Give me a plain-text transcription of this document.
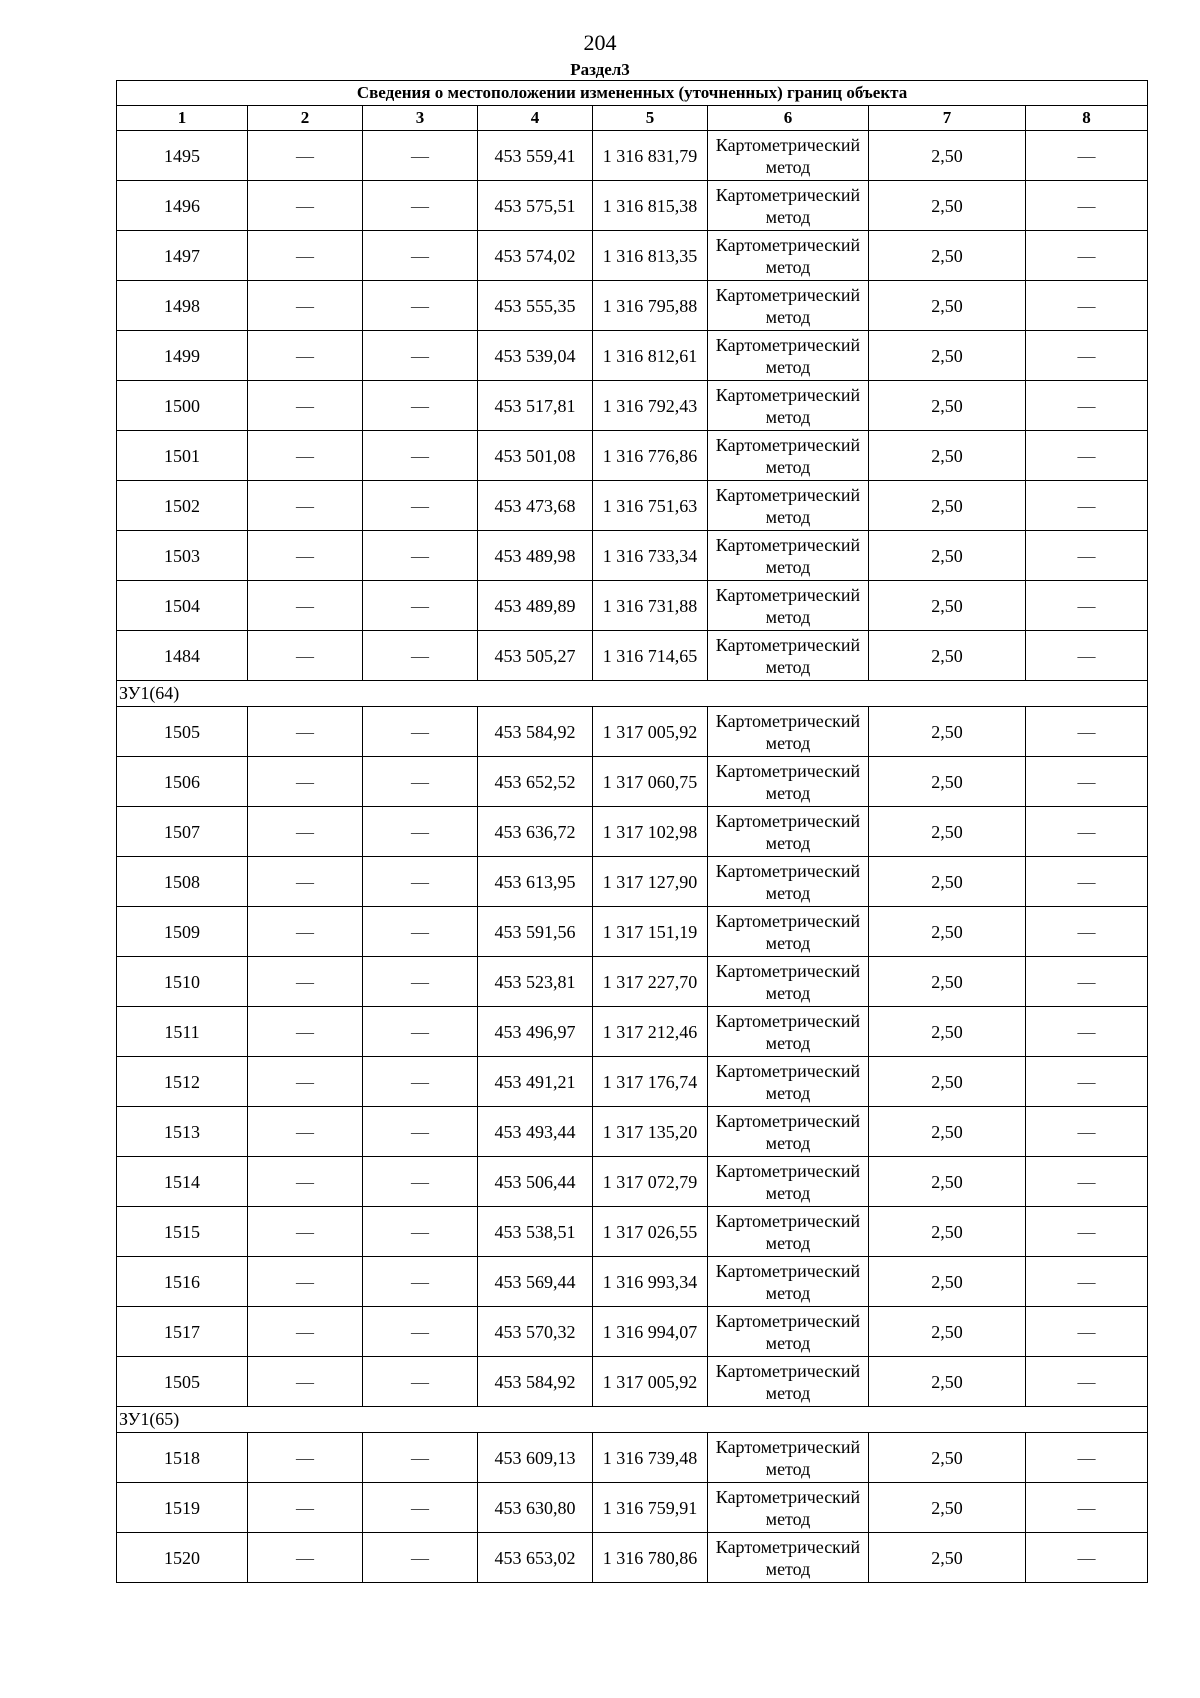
204
Раздел3
Сведения о местоположении измененных (уточненных) границ объекта							
1	2	3	4	5	6	7	8
1495	—	—	453 559,41	1 316 831,79	Картометрический метод	2,50	—
1496	—	—	453 575,51	1 316 815,38	Картометрический метод	2,50	—
1497	—	—	453 574,02	1 316 813,35	Картометрический метод	2,50	—
1498	—	—	453 555,35	1 316 795,88	Картометрический метод	2,50	—
1499	—	—	453 539,04	1 316 812,61	Картометрический метод	2,50	—
1500	—	—	453 517,81	1 316 792,43	Картометрический метод	2,50	—
1501	—	—	453 501,08	1 316 776,86	Картометрический метод	2,50	—
1502	—	—	453 473,68	1 316 751,63	Картометрический метод	2,50	—
1503	—	—	453 489,98	1 316 733,34	Картометрический метод	2,50	—
1504	—	—	453 489,89	1 316 731,88	Картометрический метод	2,50	—
1484	—	—	453 505,27	1 316 714,65	Картометрический метод	2,50	—
ЗУ1(64)							
1505	—	—	453 584,92	1 317 005,92	Картометрический метод	2,50	—
1506	—	—	453 652,52	1 317 060,75	Картометрический метод	2,50	—
1507	—	—	453 636,72	1 317 102,98	Картометрический метод	2,50	—
1508	—	—	453 613,95	1 317 127,90	Картометрический метод	2,50	—
1509	—	—	453 591,56	1 317 151,19	Картометрический метод	2,50	—
1510	—	—	453 523,81	1 317 227,70	Картометрический метод	2,50	—
1511	—	—	453 496,97	1 317 212,46	Картометрический метод	2,50	—
1512	—	—	453 491,21	1 317 176,74	Картометрический метод	2,50	—
1513	—	—	453 493,44	1 317 135,20	Картометрический метод	2,50	—
1514	—	—	453 506,44	1 317 072,79	Картометрический метод	2,50	—
1515	—	—	453 538,51	1 317 026,55	Картометрический метод	2,50	—
1516	—	—	453 569,44	1 316 993,34	Картометрический метод	2,50	—
1517	—	—	453 570,32	1 316 994,07	Картометрический метод	2,50	—
1505	—	—	453 584,92	1 317 005,92	Картометрический метод	2,50	—
ЗУ1(65)							
1518	—	—	453 609,13	1 316 739,48	Картометрический метод	2,50	—
1519	—	—	453 630,80	1 316 759,91	Картометрический метод	2,50	—
1520	—	—	453 653,02	1 316 780,86	Картометрический метод	2,50	—
